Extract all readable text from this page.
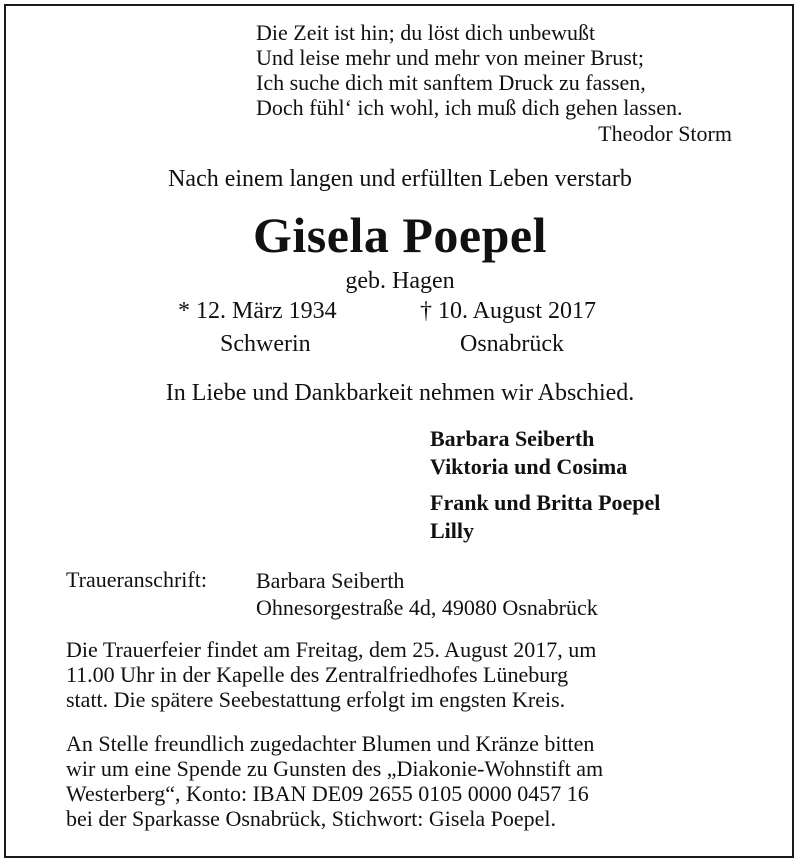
Die Zeit ist hin; du löst dich unbewußt
Und leise mehr und mehr von meiner Brust;
Ich suche dich mit sanftem Druck zu fassen,
Doch fühl‘ ich wohl, ich muß dich gehen lassen.
Theodor Storm
Nach einem langen und erfüllten Leben verstarb
Gisela Poepel
geb. Hagen
* 12. März 1934	† 10. August 2017
Schwerin	Osnabrück
In Liebe und Dankbarkeit nehmen wir Abschied.
Barbara Seiberth
Viktoria und Cosima
Frank und Britta Poepel
Lilly
Traueranschrift: Barbara Seiberth
Ohnesorgestraße 4d, 49080 Osnabrück
Die Trauerfeier findet am Freitag, dem 25. August 2017, um
11.00 Uhr in der Kapelle des Zentralfriedhofes Lüneburg
statt. Die spätere Seebestattung erfolgt im engsten Kreis.
An Stelle freundlich zugedachter Blumen und Kränze bitten
wir um eine Spende zu Gunsten des „Diakonie-Wohnstift am
Westerberg“, Konto: IBAN DE09 2655 0105 0000 0457 16
bei der Sparkasse Osnabrück, Stichwort: Gisela Poepel.
